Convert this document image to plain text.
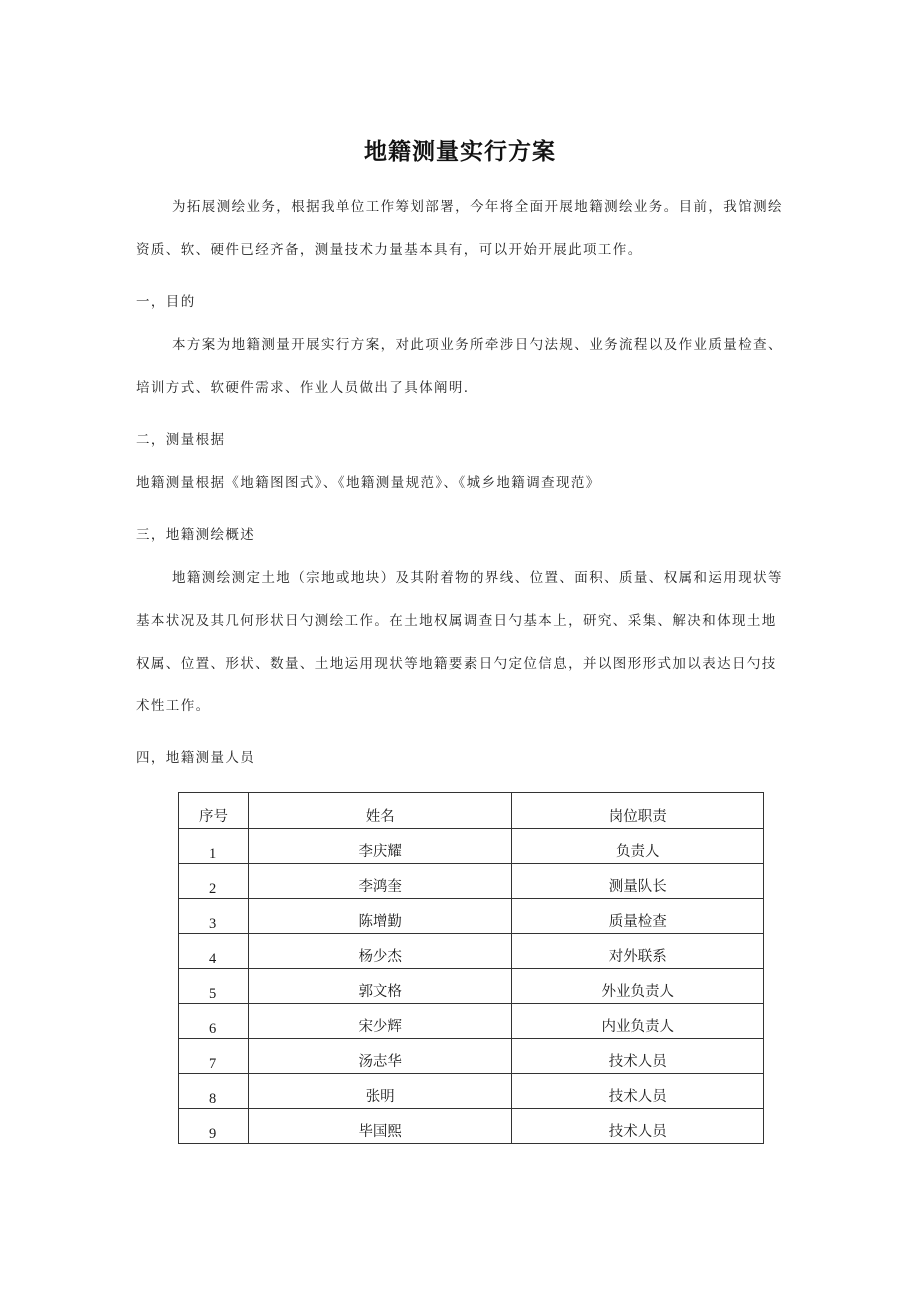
地籍测量实行方案
为拓展测绘业务，根据我单位工作筹划部署，今年将全面开展地籍测绘业务。目前，我馆测绘
资质、软、硬件已经齐备，测量技术力量基本具有，可以开始开展此项工作。
一，目的
本方案为地籍测量开展实行方案，对此项业务所牵涉日勺法规、业务流程以及作业质量检查、
培训方式、软硬件需求、作业人员做出了具体阐明.
二，测量根据
地籍测量根据《地籍图图式》、《地籍测量规范》、《城乡地籍调查现范》
三，地籍测绘概述
地籍测绘测定土地（宗地或地块）及其附着物的界线、位置、面积、质量、权属和运用现状等
基本状况及其几何形状日勺测绘工作。在土地权属调查日勺基本上，研究、采集、解决和体现土地
权属、位置、形状、数量、土地运用现状等地籍要素日勺定位信息，并以图形形式加以表达日勺技
术性工作。
四，地籍测量人员
序号	姓名	岗位职责

1	李庆耀	负责人

2	李鸿奎	测量队长

3	陈增勤	质量检查

4	杨少杰	对外联系

5	郭文格	外业负责人

6	宋少辉	内业负责人

7	汤志华	技术人员

8	张明	技术人员

9	毕国熙	技术人员
